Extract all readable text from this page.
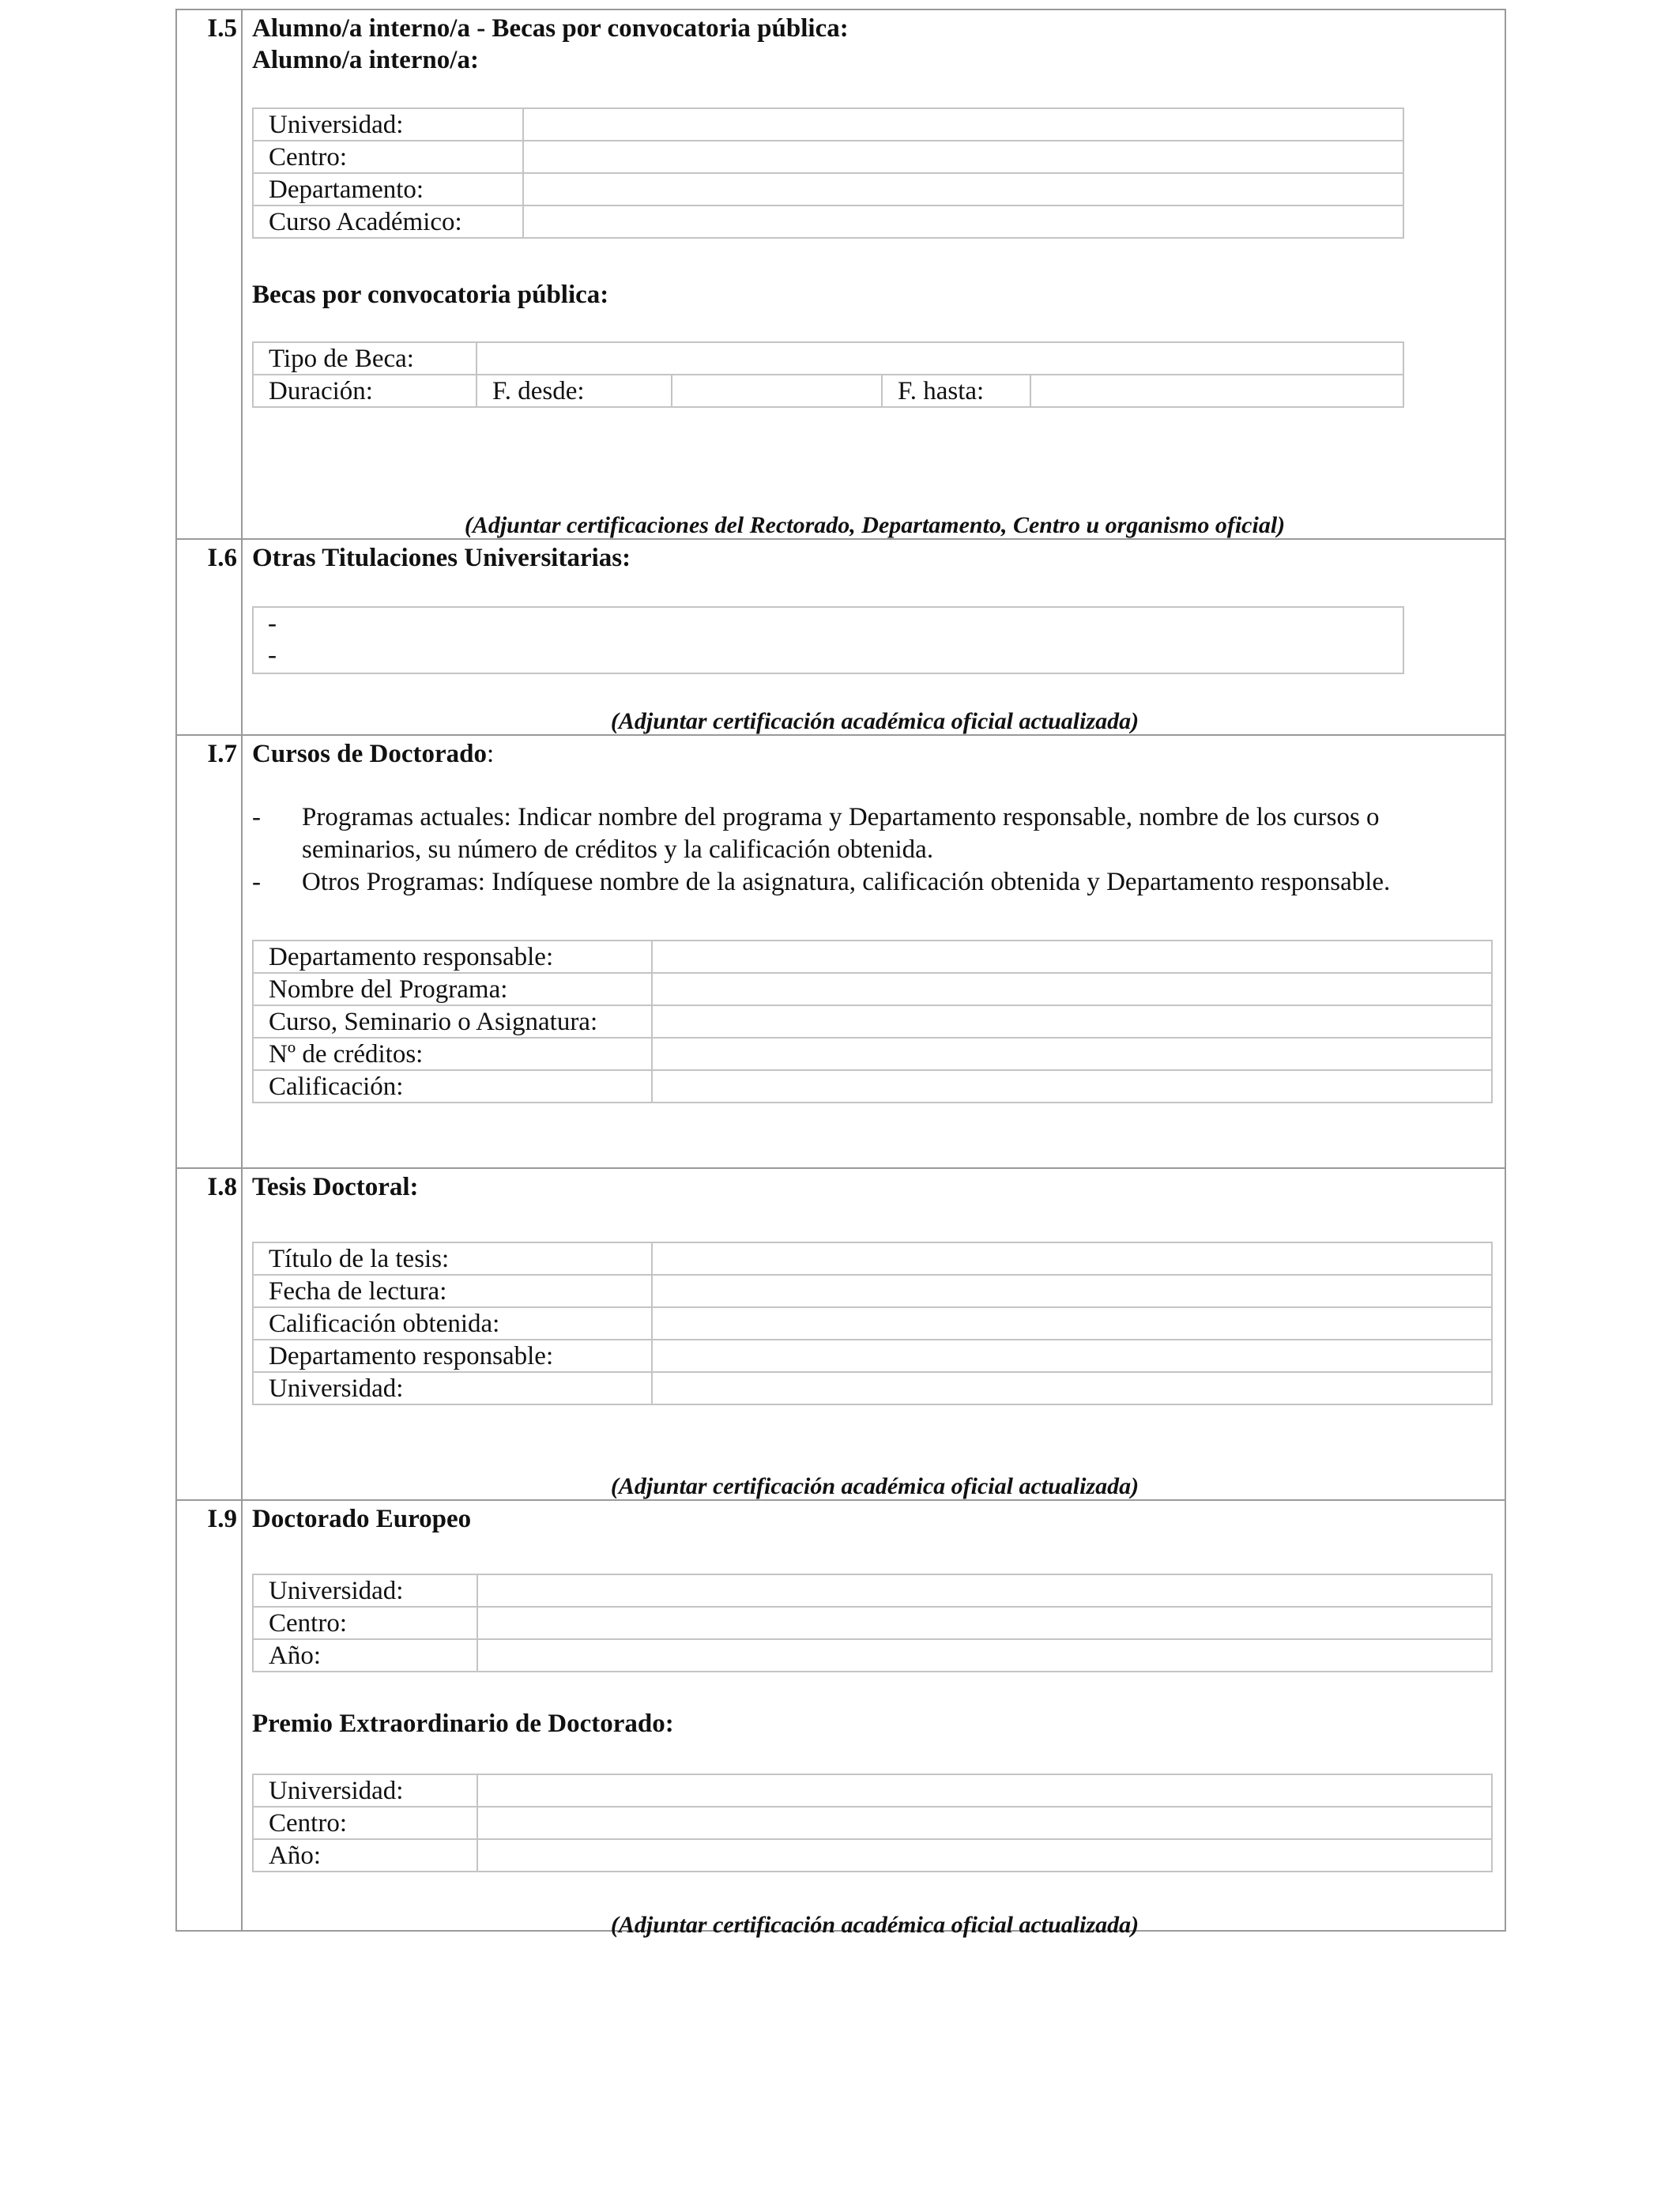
I.5 Alumno/a interno/a - Becas por convocatoria pública:
Alumno/a interno/a:
Universidad:	
Centro:	
Departamento:	
Curso Académico:	
Becas por convocatoria pública:
Tipo de Beca:				
Duración:	F. desde:		F. hasta:	
(Adjuntar certificaciones del Rectorado, Departamento, Centro u organismo oficial)
I.6 Otras Titulaciones Universitarias:
-
-
(Adjuntar certificación académica oficial actualizada)
I.7 Cursos de Doctorado:
- Programas actuales: Indicar nombre del programa y Departamento responsable, nombre de los cursos o seminarios, su número de créditos y la calificación obtenida.
- Otros Programas: Indíquese nombre de la asignatura, calificación obtenida y Departamento responsable.
Departamento responsable:	
Nombre del Programa:	
Curso, Seminario o Asignatura:	
Nº de créditos:	
Calificación:	
I.8 Tesis Doctoral:
Título de la tesis:	
Fecha de lectura:	
Calificación obtenida:	
Departamento responsable:	
Universidad:	
(Adjuntar certificación académica oficial actualizada)
I.9 Doctorado Europeo
Universidad:	
Centro:	
Año:	
Premio Extraordinario de Doctorado:
Universidad:	
Centro:	
Año:	
(Adjuntar certificación académica oficial actualizada)
